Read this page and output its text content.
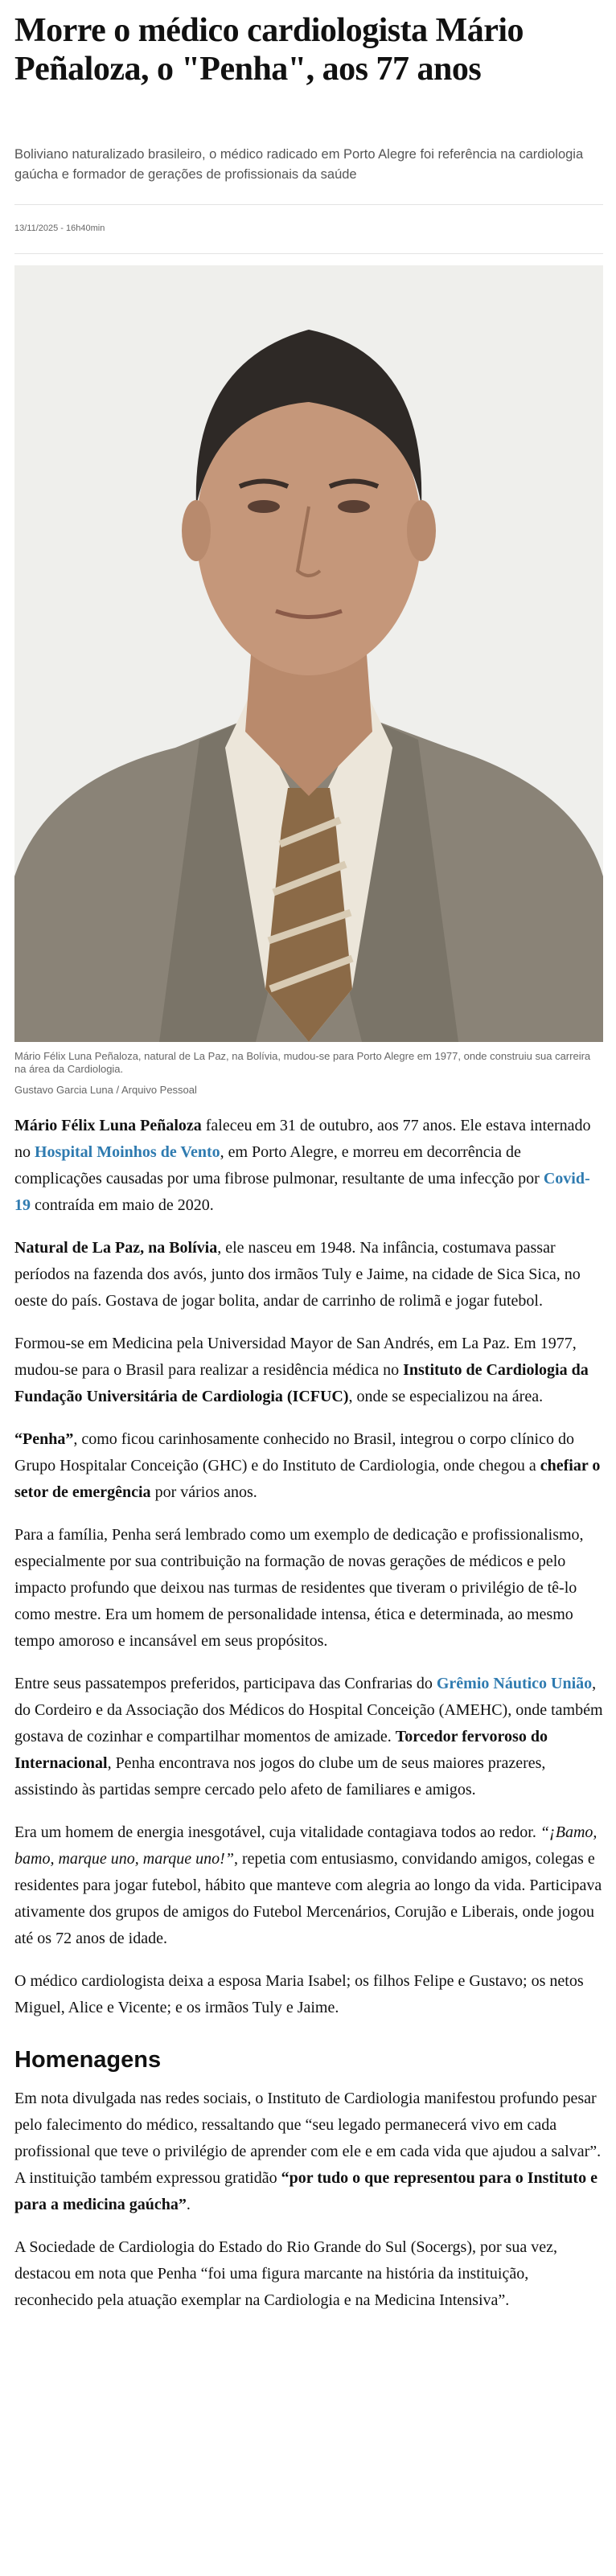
Morre o médico cardiologista Mário Peñaloza, o "Penha", aos 77 anos

Boliviano naturalizado brasileiro, o médico radicado em Porto Alegre foi referência na cardiologia gaúcha e formador de gerações de profissionais da saúde

13/11/2025 - 16h40min

Mário Félix Luna Peñaloza, natural de La Paz, na Bolívia, mudou-se para Porto Alegre em 1977, onde construiu sua carreira na área da Cardiologia.

Gustavo Garcia Luna / Arquivo Pessoal

Mário Félix Luna Peñaloza faleceu em 31 de outubro, aos 77 anos. Ele estava internado no Hospital Moinhos de Vento, em Porto Alegre, e morreu em decorrência de complicações causadas por uma fibrose pulmonar, resultante de uma infecção por Covid-19 contraída em maio de 2020.

Natural de La Paz, na Bolívia, ele nasceu em 1948. Na infância, costumava passar períodos na fazenda dos avós, junto dos irmãos Tuly e Jaime, na cidade de Sica Sica, no oeste do país. Gostava de jogar bolita, andar de carrinho de rolimã e jogar futebol.

Formou-se em Medicina pela Universidad Mayor de San Andrés, em La Paz. Em 1977, mudou-se para o Brasil para realizar a residência médica no Instituto de Cardiologia da Fundação Universitária de Cardiologia (ICFUC), onde se especializou na área.

“Penha”, como ficou carinhosamente conhecido no Brasil, integrou o corpo clínico do Grupo Hospitalar Conceição (GHC) e do Instituto de Cardiologia, onde chegou a chefiar o setor de emergência por vários anos.

Para a família, Penha será lembrado como um exemplo de dedicação e profissionalismo, especialmente por sua contribuição na formação de novas gerações de médicos e pelo impacto profundo que deixou nas turmas de residentes que tiveram o privilégio de tê-lo como mestre. Era um homem de personalidade intensa, ética e determinada, ao mesmo tempo amoroso e incansável em seus propósitos.

Entre seus passatempos preferidos, participava das Confrarias do Grêmio Náutico União, do Cordeiro e da Associação dos Médicos do Hospital Conceição (AMEHC), onde também gostava de cozinhar e compartilhar momentos de amizade. Torcedor fervoroso do Internacional, Penha encontrava nos jogos do clube um de seus maiores prazeres, assistindo às partidas sempre cercado pelo afeto de familiares e amigos.

Era um homem de energia inesgotável, cuja vitalidade contagiava todos ao redor. “¡Bamo, bamo, marque uno, marque uno!”, repetia com entusiasmo, convidando amigos, colegas e residentes para jogar futebol, hábito que manteve com alegria ao longo da vida. Participava ativamente dos grupos de amigos do Futebol Mercenários, Corujão e Liberais, onde jogou até os 72 anos de idade.

O médico cardiologista deixa a esposa Maria Isabel; os filhos Felipe e Gustavo; os netos Miguel, Alice e Vicente; e os irmãos Tuly e Jaime.

Homenagens

Em nota divulgada nas redes sociais, o Instituto de Cardiologia manifestou profundo pesar pelo falecimento do médico, ressaltando que “seu legado permanecerá vivo em cada profissional que teve o privilégio de aprender com ele e em cada vida que ajudou a salvar”. A instituição também expressou gratidão “por tudo o que representou para o Instituto e para a medicina gaúcha”.

A Sociedade de Cardiologia do Estado do Rio Grande do Sul (Socergs), por sua vez, destacou em nota que Penha “foi uma figura marcante na história da instituição, reconhecido pela atuação exemplar na Cardiologia e na Medicina Intensiva”.
